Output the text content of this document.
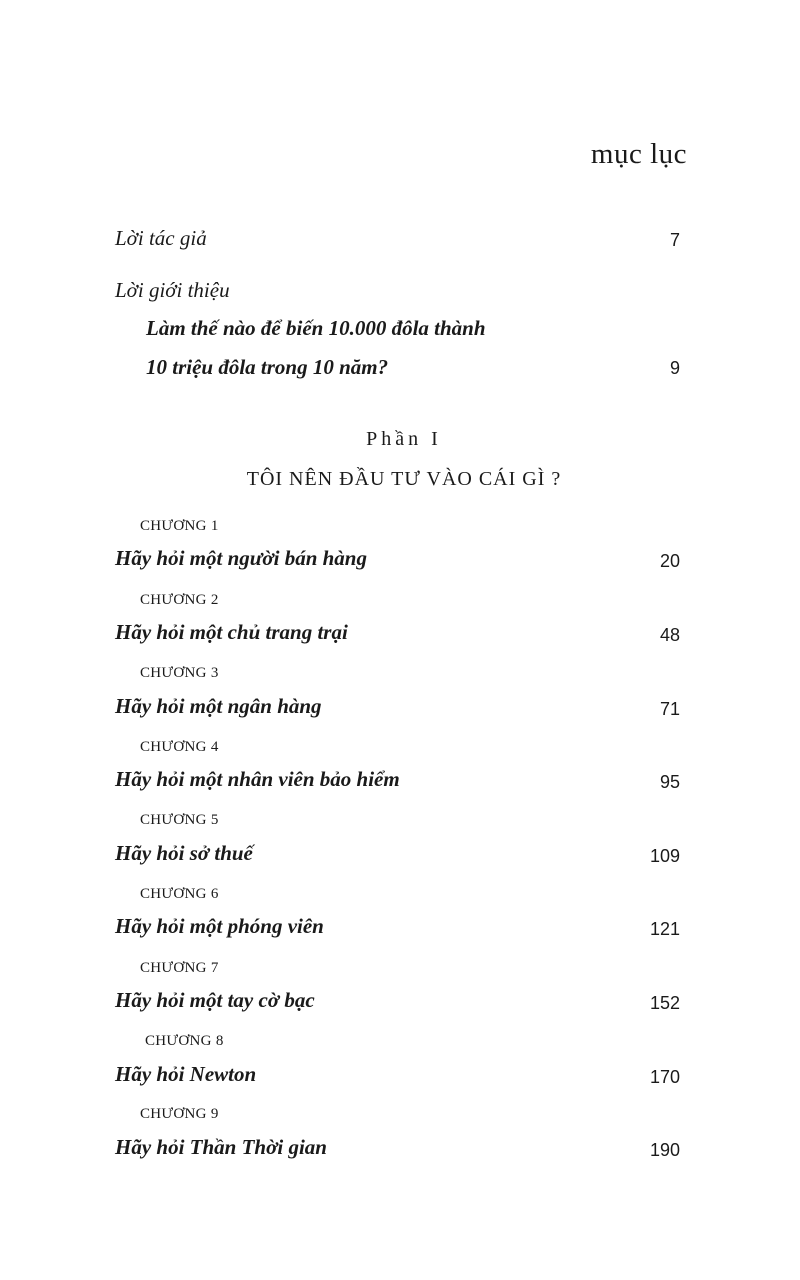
mục lục
Lời tác giả	7
Lời giới thiệu
Làm thế nào để biến 10.000 đôla thành
10 triệu đôla trong 10 năm?	9
Phần I
TÔI NÊN ĐẦU TƯ VÀO CÁI GÌ ?
CHƯƠNG 1
Hãy hỏi một người bán hàng	20
CHƯƠNG 2
Hãy hỏi một chủ trang trại	48
CHƯƠNG 3
Hãy hỏi một ngân hàng	71
CHƯƠNG 4
Hãy hỏi một nhân viên bảo hiểm	95
CHƯƠNG 5
Hãy hỏi sở thuế	109
CHƯƠNG 6
Hãy hỏi một phóng viên	121
CHƯƠNG 7
Hãy hỏi một tay cờ bạc	152
CHƯƠNG 8
Hãy hỏi Newton	170
CHƯƠNG 9
Hãy hỏi Thần Thời gian	190
